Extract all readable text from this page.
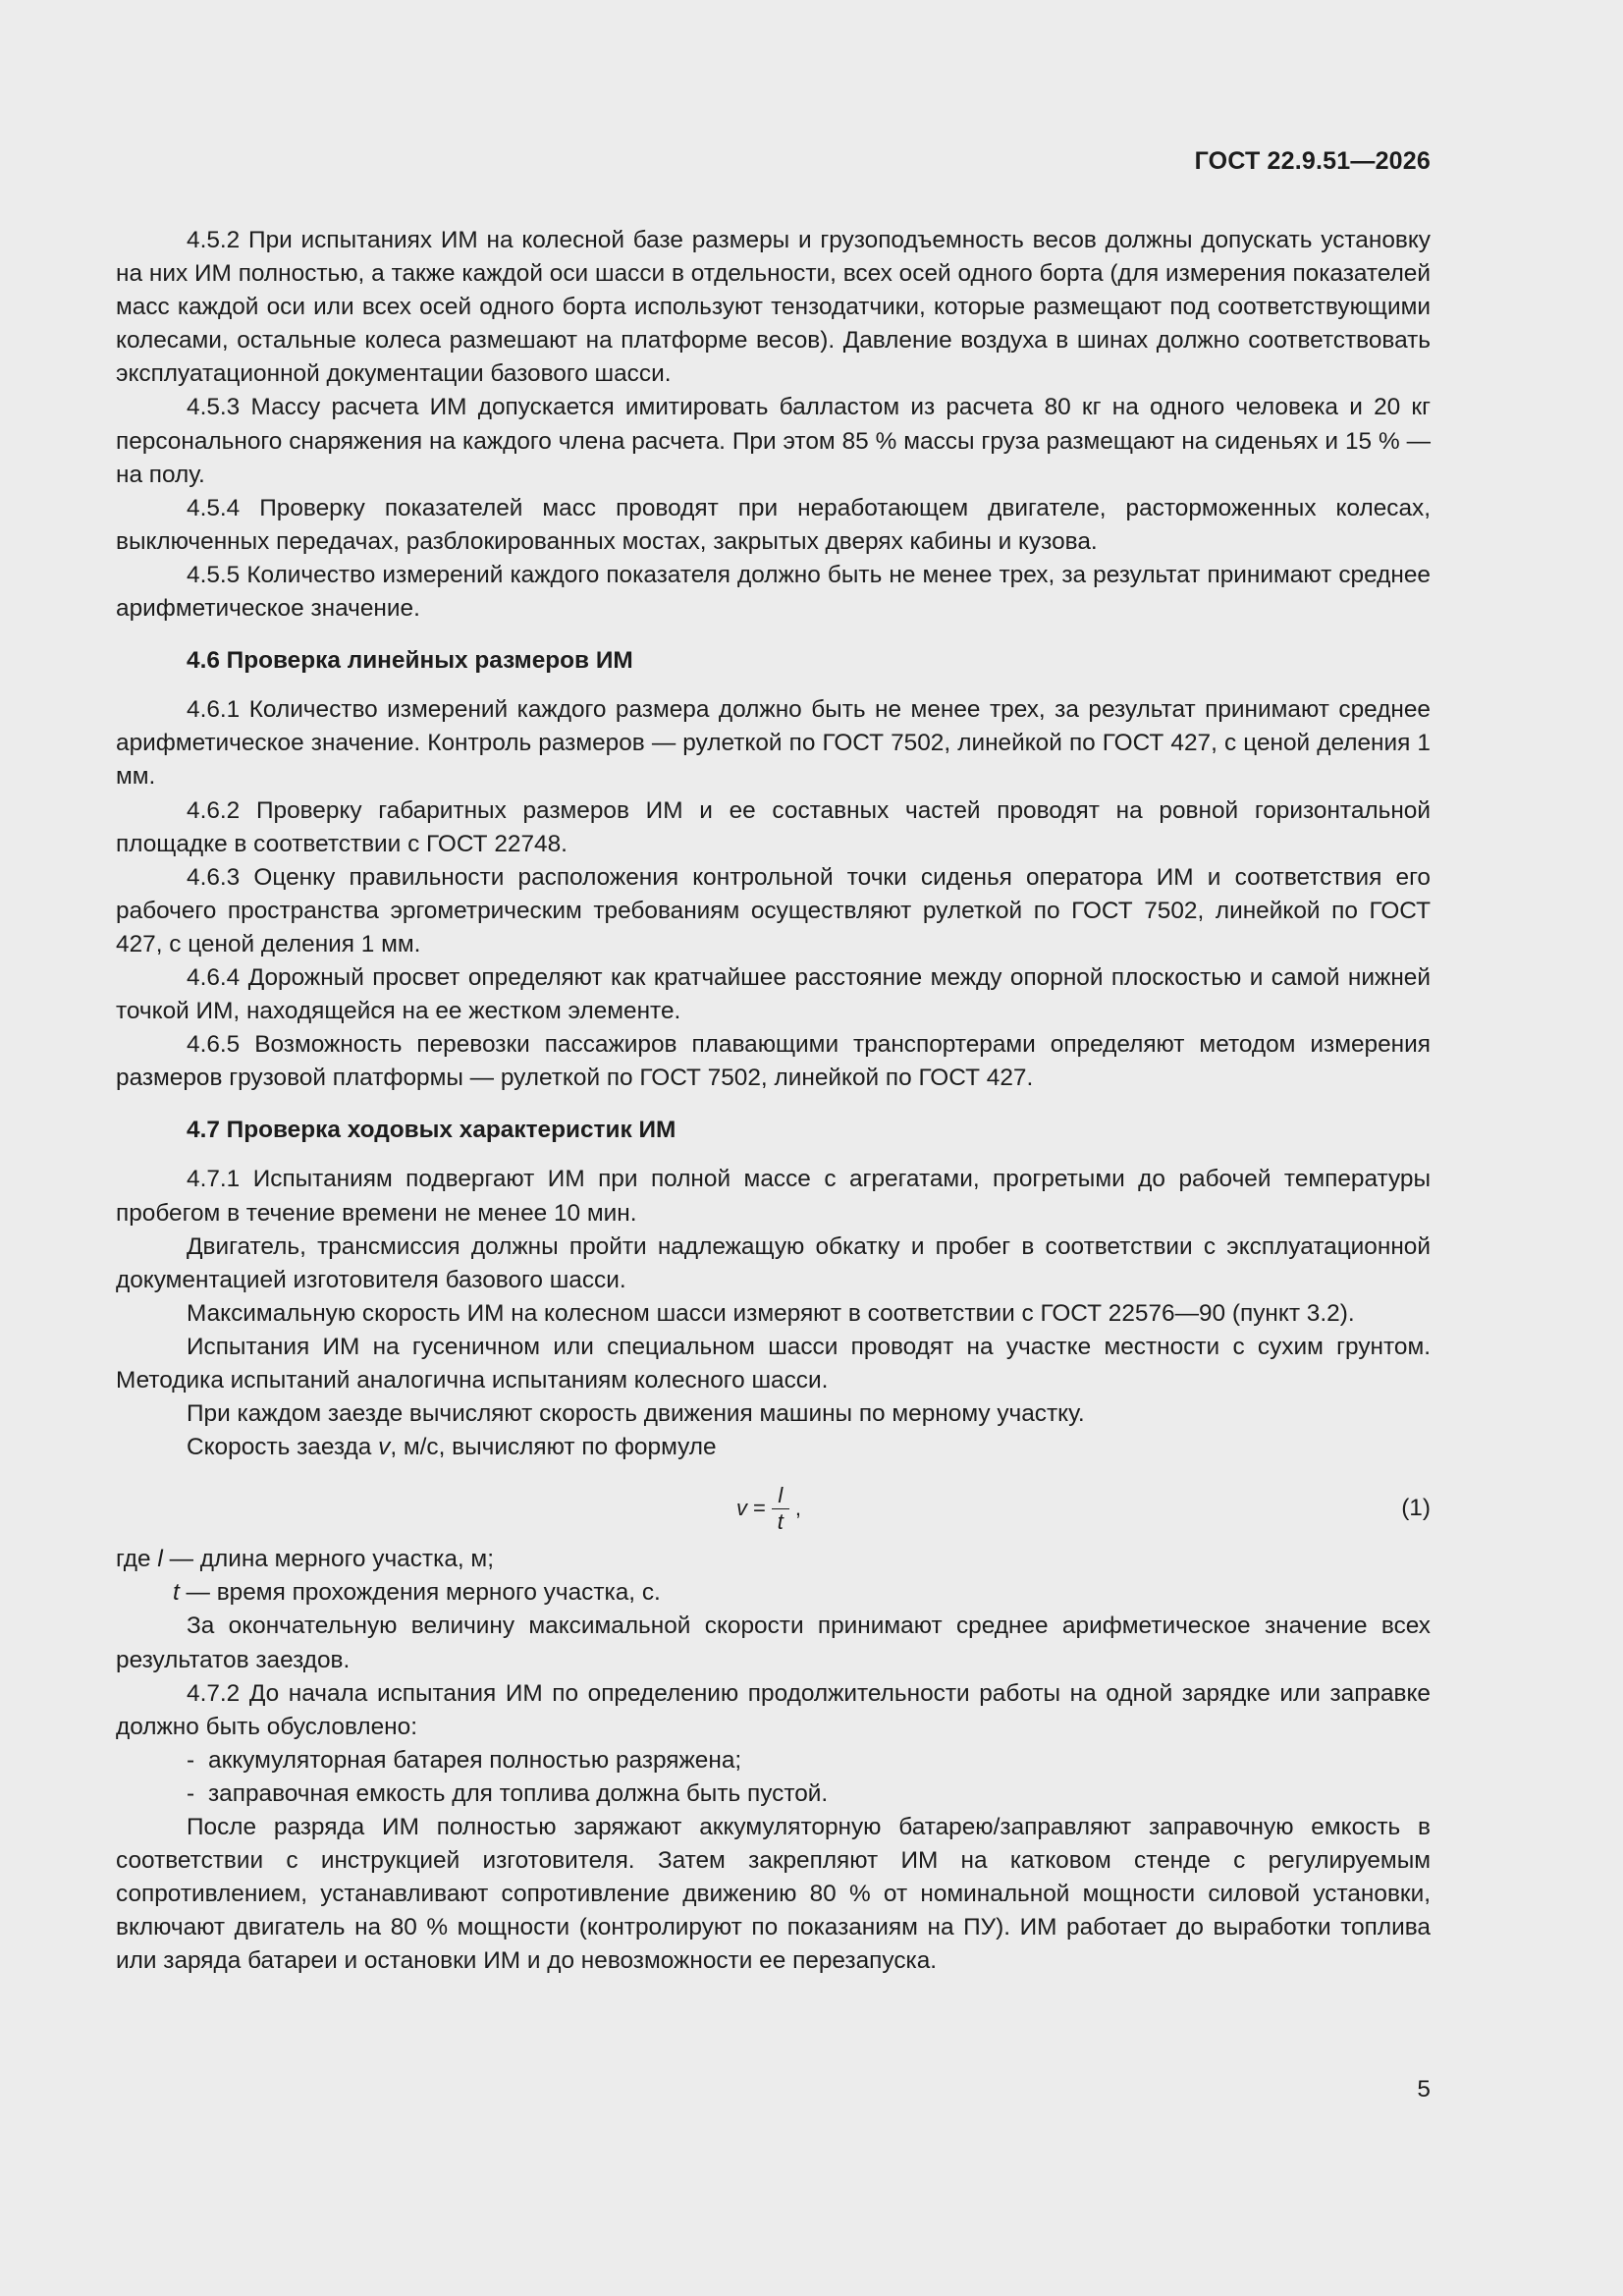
ГОСТ 22.9.51—2026

4.5.2 При испытаниях ИМ на колесной базе размеры и грузоподъемность весов должны допускать установку на них ИМ полностью, а также каждой оси шасси в отдельности, всех осей одного борта (для измерения показателей масс каждой оси или всех осей одного борта используют тензодатчики, которые размещают под соответствующими колесами, остальные колеса размешают на платформе весов). Давление воздуха в шинах должно соответствовать эксплуатационной документации базового шасси.

4.5.3 Массу расчета ИМ допускается имитировать балластом из расчета 80 кг на одного человека и 20 кг персонального снаряжения на каждого члена расчета. При этом 85 % массы груза размещают на сиденьях и 15 % — на полу.

4.5.4 Проверку показателей масс проводят при неработающем двигателе, расторможенных колесах, выключенных передачах, разблокированных мостах, закрытых дверях кабины и кузова.

4.5.5 Количество измерений каждого показателя должно быть не менее трех, за результат принимают среднее арифметическое значение.

4.6 Проверка линейных размеров ИМ

4.6.1 Количество измерений каждого размера должно быть не менее трех, за результат принимают среднее арифметическое значение. Контроль размеров — рулеткой по ГОСТ 7502, линейкой по ГОСТ 427, с ценой деления 1 мм.

4.6.2 Проверку габаритных размеров ИМ и ее составных частей проводят на ровной горизонтальной площадке в соответствии с ГОСТ 22748.

4.6.3 Оценку правильности расположения контрольной точки сиденья оператора ИМ и соответствия его рабочего пространства эргометрическим требованиям осуществляют рулеткой по ГОСТ 7502, линейкой по ГОСТ 427, с ценой деления 1 мм.

4.6.4 Дорожный просвет определяют как кратчайшее расстояние между опорной плоскостью и самой нижней точкой ИМ, находящейся на ее жестком элементе.

4.6.5 Возможность перевозки пассажиров плавающими транспортерами определяют методом измерения размеров грузовой платформы — рулеткой по ГОСТ 7502, линейкой по ГОСТ 427.

4.7 Проверка ходовых характеристик ИМ

4.7.1 Испытаниям подвергают ИМ при полной массе с агрегатами, прогретыми до рабочей температуры пробегом в течение времени не менее 10 мин.

Двигатель, трансмиссия должны пройти надлежащую обкатку и пробег в соответствии с эксплуатационной документацией изготовителя базового шасси.

Максимальную скорость ИМ на колесном шасси измеряют в соответствии с ГОСТ 22576—90 (пункт 3.2).

Испытания ИМ на гусеничном или специальном шасси проводят на участке местности с сухим грунтом. Методика испытаний аналогична испытаниям колесного шасси.

При каждом заезде вычисляют скорость движения машины по мерному участку.

Скорость заезда v, м/с, вычисляют по формуле

$v = \frac{l}{t}$ ,	(1)

где l — длина мерного участка, м;

t — время прохождения мерного участка, с.

За окончательную величину максимальной скорости принимают среднее арифметическое значение всех результатов заездов.

4.7.2 До начала испытания ИМ по определению продолжительности работы на одной зарядке или заправке должно быть обусловлено:

- аккумуляторная батарея полностью разряжена;

- заправочная емкость для топлива должна быть пустой.

После разряда ИМ полностью заряжают аккумуляторную батарею/заправляют заправочную емкость в соответствии с инструкцией изготовителя. Затем закрепляют ИМ на катковом стенде с регулируемым сопротивлением, устанавливают сопротивление движению 80 % от номинальной мощности силовой установки, включают двигатель на 80 % мощности (контролируют по показаниям на ПУ). ИМ работает до выработки топлива или заряда батареи и остановки ИМ и до невозможности ее перезапуска.

5
